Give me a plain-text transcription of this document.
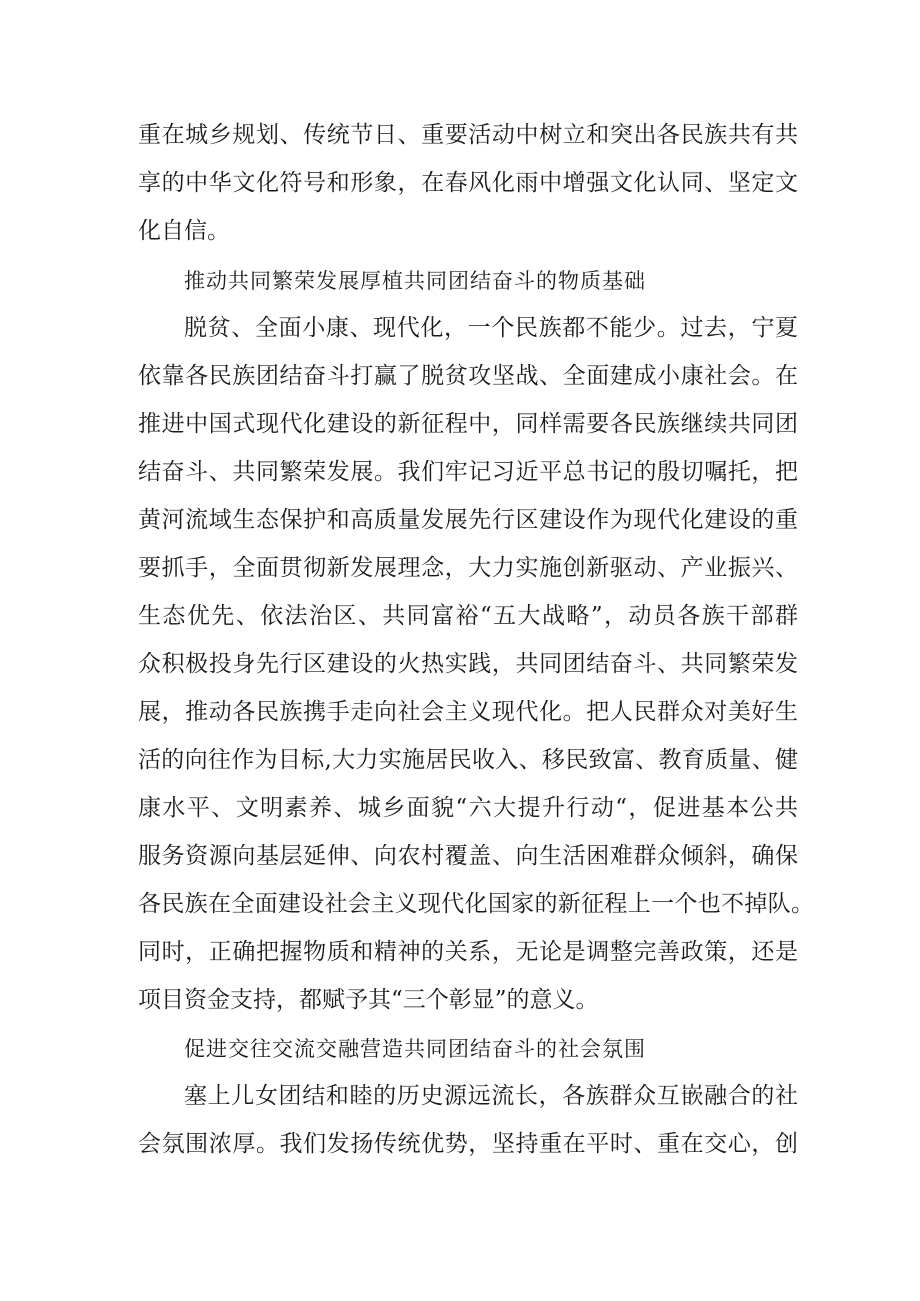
重在城乡规划、传统节日、重要活动中树立和突出各民族共有共

享的中华文化符号和形象，在春风化雨中增强文化认同、坚定文

化自信。

推动共同繁荣发展厚植共同团结奋斗的物质基础

脱贫、全面小康、现代化，一个民族都不能少。过去，宁夏

依靠各民族团结奋斗打赢了脱贫攻坚战、全面建成小康社会。在

推进中国式现代化建设的新征程中，同样需要各民族继续共同团

结奋斗、共同繁荣发展。我们牢记习近平总书记的殷切嘱托，把

黄河流域生态保护和高质量发展先行区建设作为现代化建设的重

要抓手，全面贯彻新发展理念，大力实施创新驱动、产业振兴、

生态优先、依法治区、共同富裕“五大战略”，动员各族干部群

众积极投身先行区建设的火热实践，共同团结奋斗、共同繁荣发

展，推动各民族携手走向社会主义现代化。把人民群众对美好生

活的向往作为目标,大力实施居民收入、移民致富、教育质量、健

康水平、文明素养、城乡面貌“六大提升行动“，促进基本公共

服务资源向基层延伸、向农村覆盖、向生活困难群众倾斜，确保

各民族在全面建设社会主义现代化国家的新征程上一个也不掉队。

同时，正确把握物质和精神的关系，无论是调整完善政策，还是

项目资金支持，都赋予其“三个彰显”的意义。

促进交往交流交融营造共同团结奋斗的社会氛围

塞上儿女团结和睦的历史源远流长，各族群众互嵌融合的社

会氛围浓厚。我们发扬传统优势，坚持重在平时、重在交心，创
